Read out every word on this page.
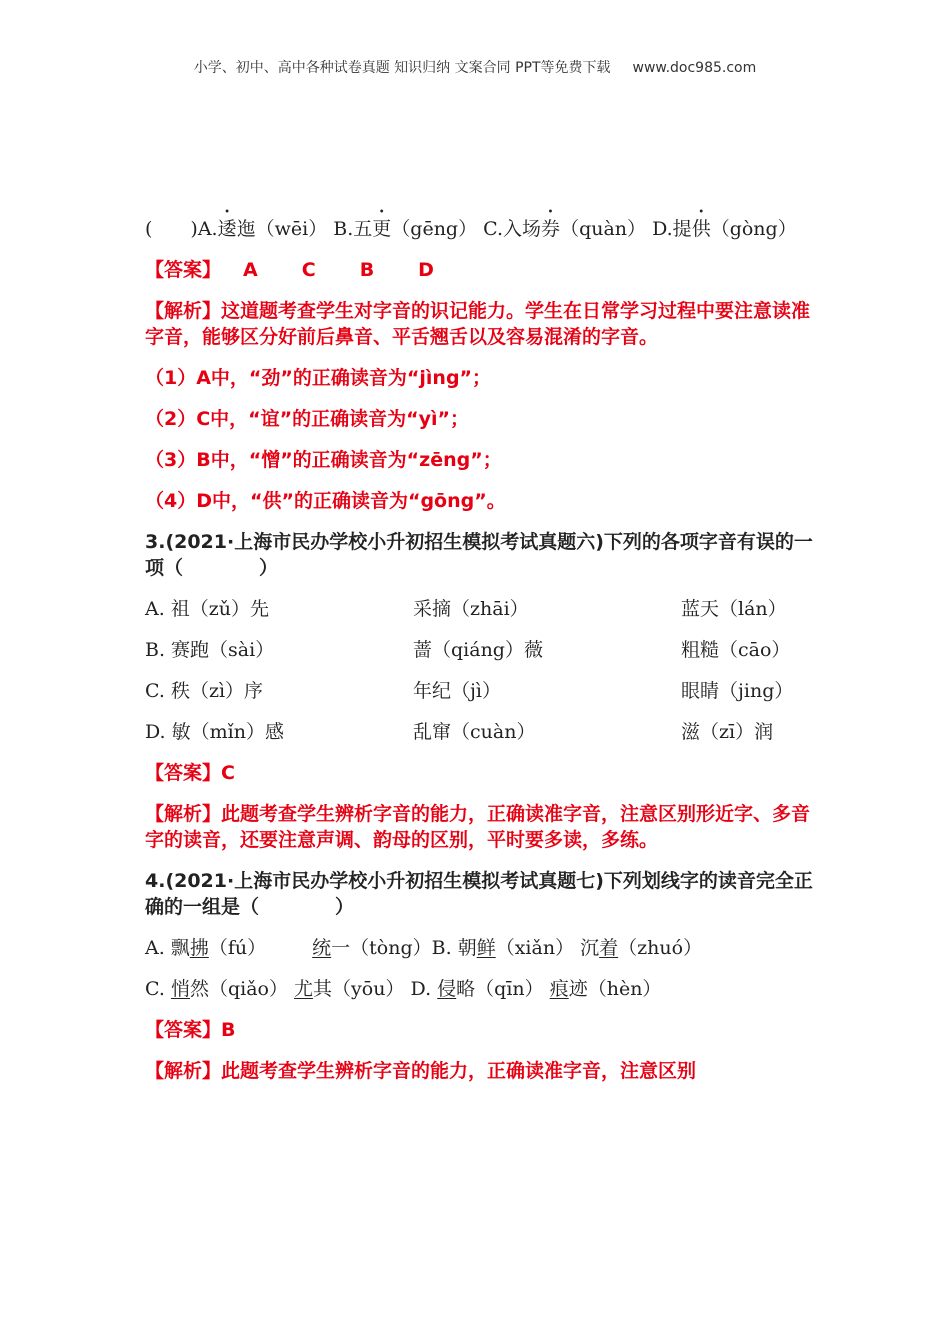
小学、初中、高中各种试卷真题 知识归纳 文案合同 PPT等免费下载 www.doc985.com
(　　)A.逶迤（wēi） B.五更（gēng） C.入场券（quàn） D.提供（gòng）
【答案】 A C B D
【解析】这道题考查学生对字音的识记能力。学生在日常学习过程中要注意读准字音，能够区分好前后鼻音、平舌翘舌以及容易混淆的字音。
（1）A中，“劲”的正确读音为“jìng”；
（2）C中，“谊”的正确读音为“yì”；
（3）B中，“憎”的正确读音为“zēng”；
（4）D中，“供”的正确读音为“gōng”。
3.(2021·上海市民办学校小升初招生模拟考试真题六)下列的各项字音有误的一项（　　　　）
A. 祖（zǔ）先	采摘（zhāi）	蓝天（lán）
B. 赛跑（sài）	蔷（qiáng）薇	粗糙（cāo）
C. 秩（zì）序	年纪（jì）	眼睛（jing）
D. 敏（mǐn）感	乱窜（cuàn）	滋（zī）润
【答案】C
【解析】此题考查学生辨析字音的能力，正确读准字音，注意区别形近字、多音字的读音，还要注意声调、韵母的区别，平时要多读，多练。
4.(2021·上海市民办学校小升初招生模拟考试真题七)下列划线字的读音完全正确的一组是（　　　　）
A. 飘拂（fú） 统一（tòng）B. 朝鲜（xiǎn） 沉着（zhuó）
C. 悄然（qiǎo） 尤其（yōu） D. 侵略（qīn） 痕迹（hèn）
【答案】B
【解析】此题考查学生辨析字音的能力，正确读准字音，注意区别
